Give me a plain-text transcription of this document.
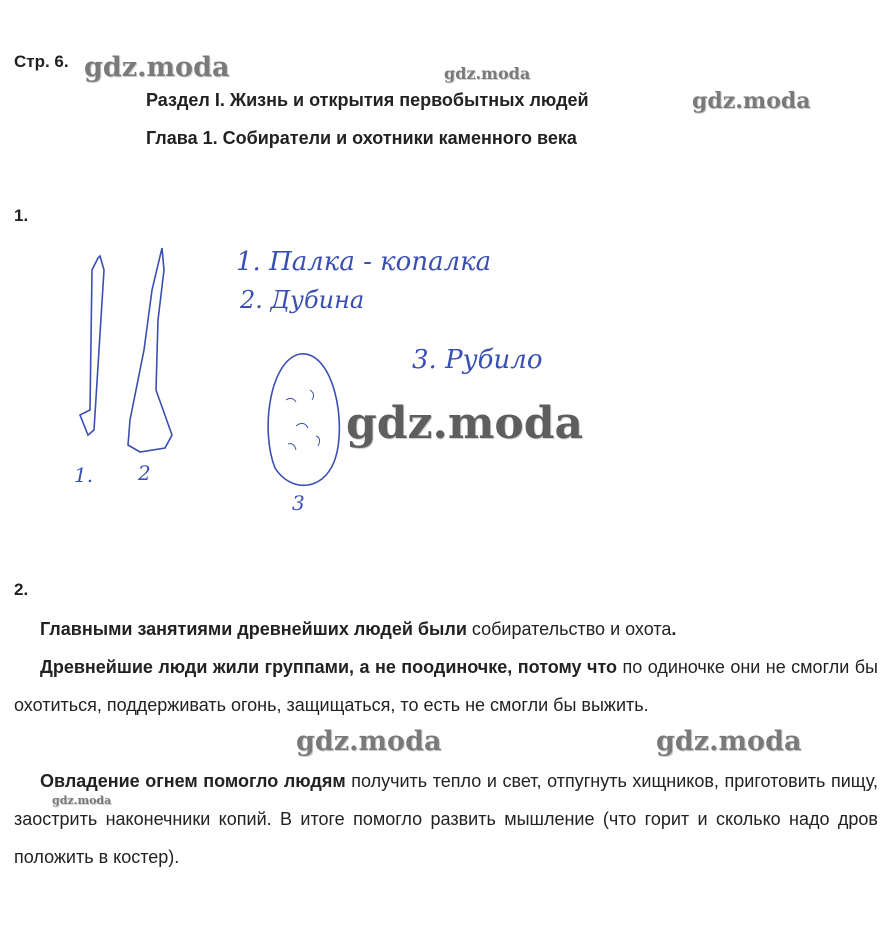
Стр. 6.
Раздел I. Жизнь и открытия первобытных людей
Глава 1. Собиратели и охотники каменного века
gdz.moda	gdz.moda
gdz.moda
1.
1. Палка - копалка
2. Дубина
3. Рубило
1. 2
3
gdz.moda
2.
Главными занятиями древнейших людей были собирательство и охота.
Древнейшие люди жили группами, а не поодиночке, потому что по одиночке они не смогли бы охотиться, поддерживать огонь, защищаться, то есть не смогли бы выжить.
gdz.moda	gdz.moda
Овладение огнем помогло людям получить тепло и свет, отпугнуть хищников, приготовить пищу, заострить наконечники копий. В итоге помогло развить мышление (что горит и сколько надо дров положить в костер).
gdz.moda
